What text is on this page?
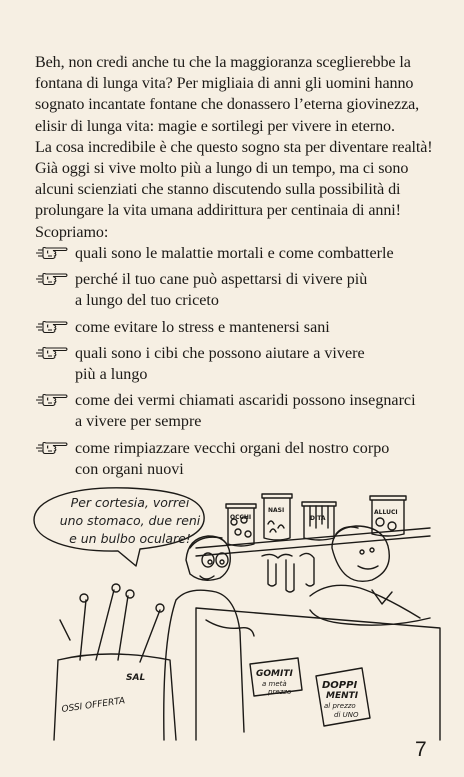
Beh, non credi anche tu che la maggioranza sceglierebbe la
fontana di lunga vita? Per migliaia di anni gli uomini hanno
sognato incantate fontane che donassero l’eterna giovinezza,
elisir di lunga vita: magie e sortilegi per vivere in eterno.
La cosa incredibile è che questo sogno sta per diventare realtà!
Già oggi si vive molto più a lungo di un tempo, ma ci sono
alcuni scienziati che stanno discutendo sulla possibilità di
prolungare la vita umana addirittura per centinaia di anni!
Scopriamo:

quali sono le malattie mortali e come combatterle
perché il tuo cane può aspettarsi di vivere più
a lungo del tuo criceto
come evitare lo stress e mantenersi sani
quali sono i cibi che possono aiutare a vivere
più a lungo
come dei vermi chiamati ascaridi possono insegnarci
a vivere per sempre
come rimpiazzare vecchi organi del nostro corpo
con organi nuovi
OCCHI
NASI
DITA
ALLUCI
OSSI OFFERTA
SAL	GOMITI
a metà
prezzo
DOPPI
MENTI
al prezzo
di UNO
Per cortesia, vorrei
uno stomaco, due reni
e un bulbo oculare!
7
